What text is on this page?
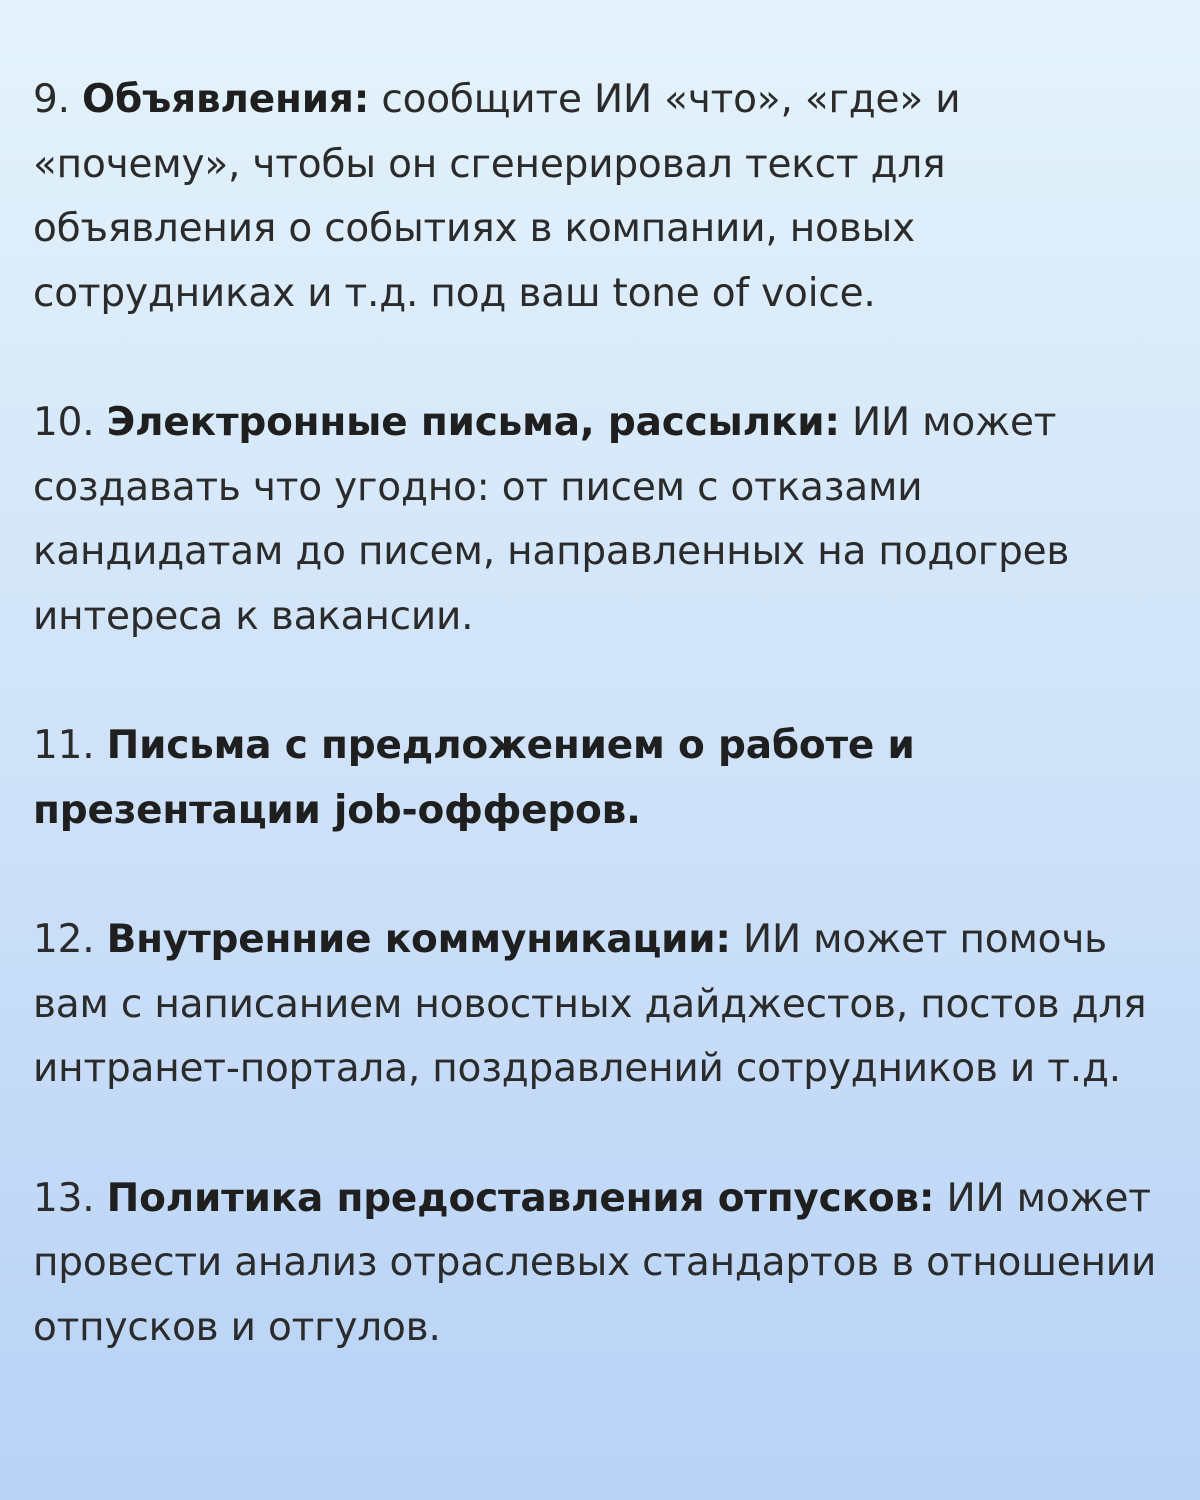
9. Объявления: сообщите ИИ «что», «где» и «почему», чтобы он сгенерировал текст для объявления о событиях в компании, новых сотрудниках и т.д. под ваш tone of voice.

10. Электронные письма, рассылки: ИИ может создавать что угодно: от писем с отказами кандидатам до писем, направленных на подогрев интереса к вакансии.

11. Письма с предложением о работе и презентации job-офферов.

12. Внутренние коммуникации: ИИ может помочь вам с написанием новостных дайджестов, постов для интранет-портала, поздравлений сотрудников и т.д.

13. Политика предоставления отпусков: ИИ может провести анализ отраслевых стандартов в отношении отпусков и отгулов.
